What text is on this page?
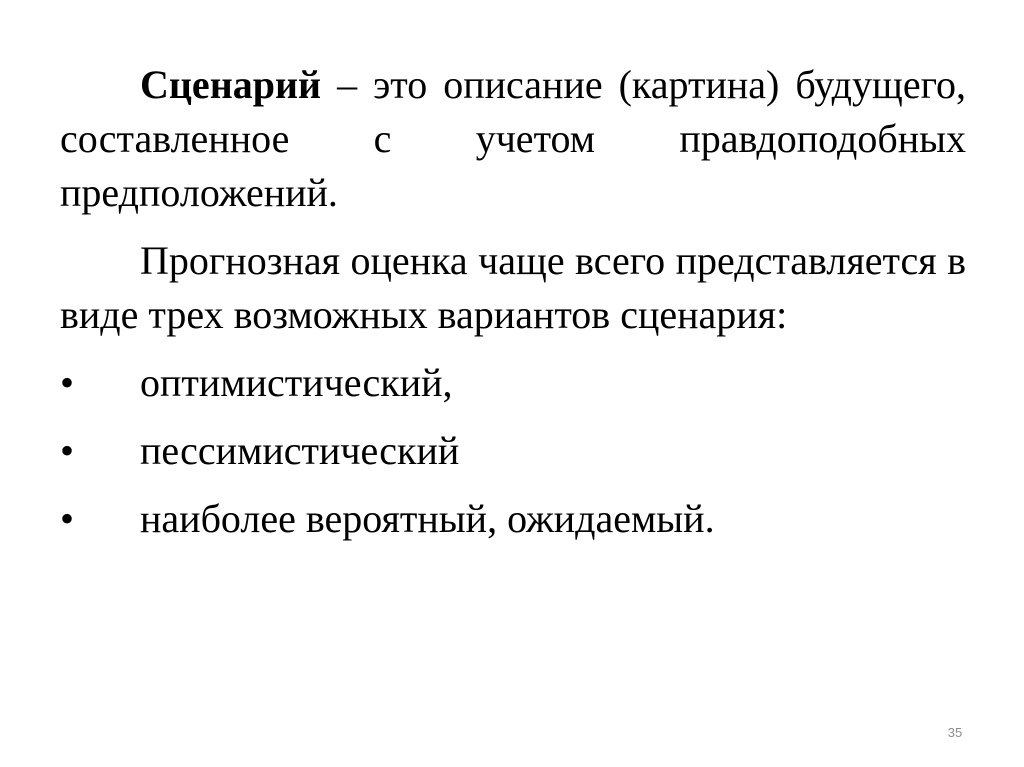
Сценарий – это описание (картина) будущего, составленное с учетом правдоподобных предположений.

Прогнозная оценка чаще всего представляется в виде трех возможных вариантов сценария:

•	оптимистический,
•	пессимистический
•	наиболее вероятный, ожидаемый.
35
